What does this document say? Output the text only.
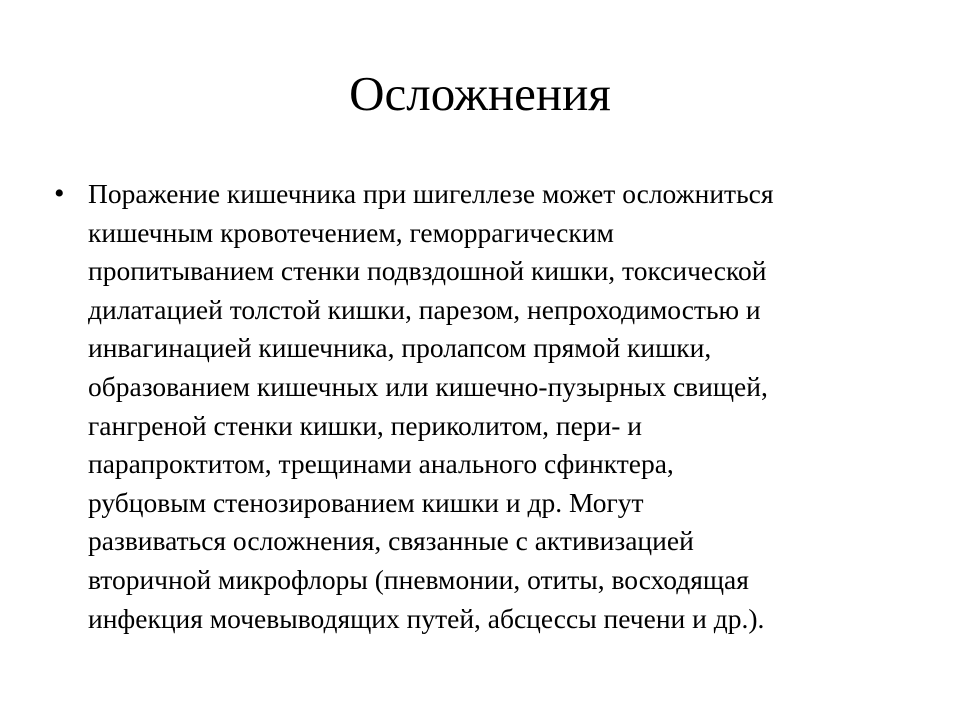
Осложнения
• Поражение кишечника при шигеллезе может осложниться
кишечным кровотечением, геморрагическим
пропитыванием стенки подвздошной кишки, токсической
дилатацией толстой кишки, парезом, непроходимостью и
инвагинацией кишечника, пролапсом прямой кишки,
образованием кишечных или кишечно-пузырных свищей,
гангреной стенки кишки, периколитом, пери- и
парапроктитом, трещинами анального сфинктера,
рубцовым стенозированием кишки и др. Могут
развиваться осложнения, связанные с активизацией
вторичной микрофлоры (пневмонии, отиты, восходящая
инфекция мочевыводящих путей, абсцессы печени и др.).
